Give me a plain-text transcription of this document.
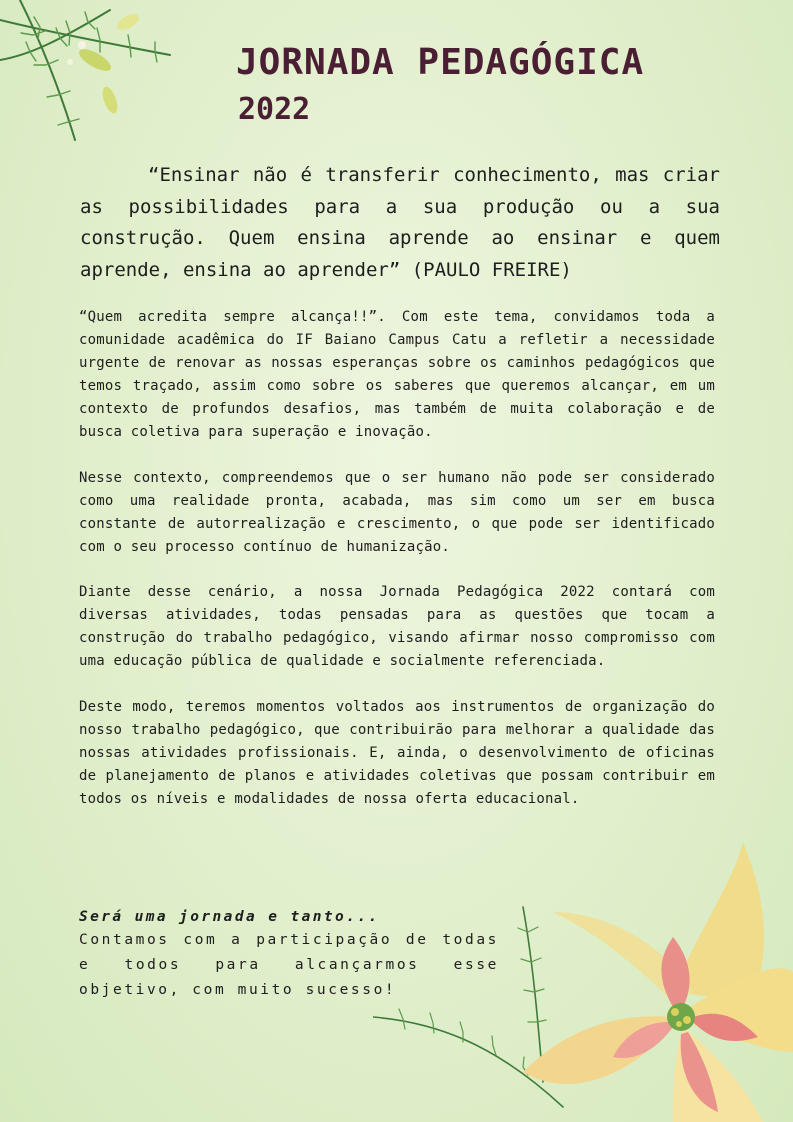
JORNADA PEDAGÓGICA
2022

“Ensinar não é transferir conhecimento, mas criar as possibilidades para a sua produção ou a sua construção. Quem ensina aprende ao ensinar e quem aprende, ensina ao aprender” (PAULO FREIRE)

“Quem acredita sempre alcança!!”. Com este tema, convidamos toda a comunidade acadêmica do IF Baiano Campus Catu a refletir a necessidade urgente de renovar as nossas esperanças sobre os caminhos pedagógicos que temos traçado, assim como sobre os saberes que queremos alcançar, em um contexto de profundos desafios, mas também de muita colaboração e de busca coletiva para superação e inovação.

Nesse contexto, compreendemos que o ser humano não pode ser considerado como uma realidade pronta, acabada, mas sim como um ser em busca constante de autorrealização e crescimento, o que pode ser identificado com o seu processo contínuo de humanização.

Diante desse cenário, a nossa Jornada Pedagógica 2022 contará com diversas atividades, todas pensadas para as questões que tocam a construção do trabalho pedagógico, visando afirmar nosso compromisso com uma educação pública de qualidade e socialmente referenciada.

Deste modo, teremos momentos voltados aos instrumentos de organização do nosso trabalho pedagógico, que contribuirão para melhorar a qualidade das nossas atividades profissionais. E, ainda, o desenvolvimento de oficinas de planejamento de planos e atividades coletivas que possam contribuir em todos os níveis e modalidades de nossa oferta educacional.

Será uma jornada e tanto...

Contamos com a participação de todas e todos para alcançarmos esse objetivo, com muito sucesso!
